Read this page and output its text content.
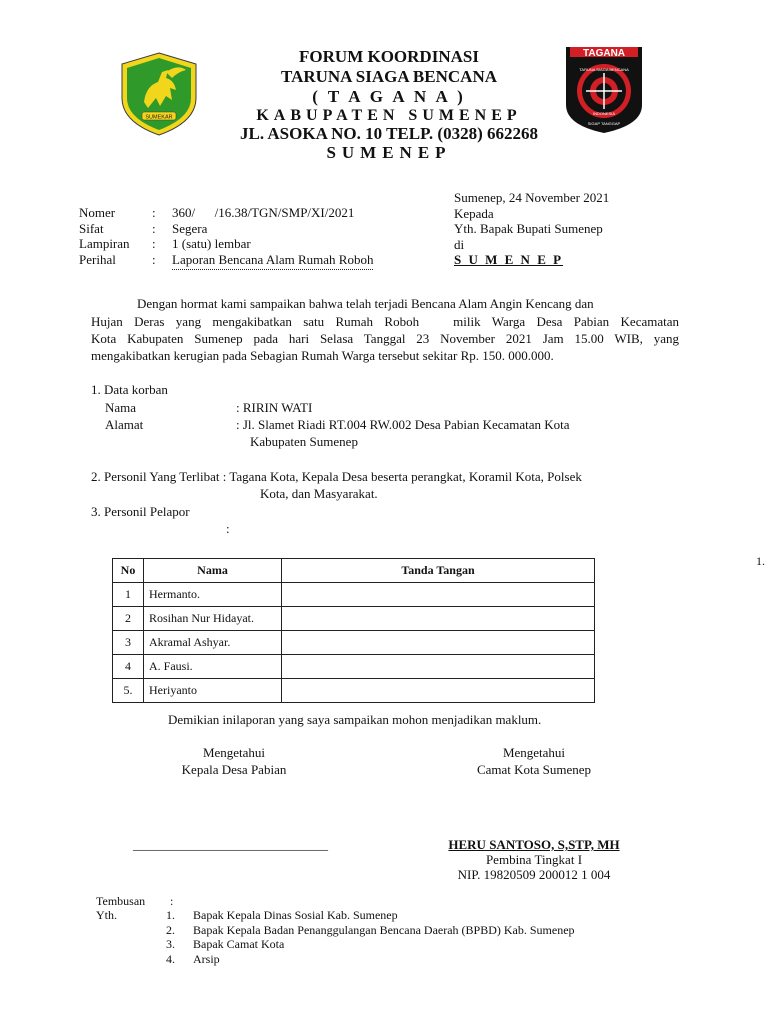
SUMEKAR
TAGANA
TARUNA SIAGA BENCANA
INDONESIA
SIGAP TANGGAP
FORUM KOORDINASI
TARUNA SIAGA BENCANA
( T A G A N A )
KABUPATEN SUMENEP
JL. ASOKA NO. 10 TELP. (0328) 662268
SUMENEP
Sumenep, 24 November 2021
Kepada
Yth. Bapak Bupati Sumenep
di
S U M E N E P
Nomer	: 360/      /16.38/TGN/SMP/XI/2021
Sifat	: Segera
Lampiran : 1 (satu) lembar
Perihal	: Laporan Bencana Alam Rumah Roboh
Dengan hormat kami sampaikan bahwa telah terjadi Bencana Alam Angin Kencang dan
Hujan Deras yang mengakibatkan satu Rumah Roboh   milik Warga Desa Pabian Kecamatan
Kota Kabupaten Sumenep pada hari Selasa Tanggal 23 November 2021 Jam 15.00 WIB, yang
mengakibatkan kerugian pada Sebagian Rumah Warga tersebut sekitar Rp. 150. 000.000.
1. Data korban
Nama	: RIRIN WATI
Alamat	: Jl. Slamet Riadi RT.004 RW.002 Desa Pabian Kecamatan Kota
Kabupaten Sumenep
2. Personil Yang Terlibat : Tagana Kota, Kepala Desa beserta perangkat, Koramil Kota, Polsek
Kota, dan Masyarakat.
3. Personil Pelapor
:
1.
No	Nama	Tanda Tangan
1	Hermanto.	
2	Rosihan Nur Hidayat.	
3	Akramal Ashyar.	
4	A. Fausi.	
5.	Heriyanto	
Demikian inilaporan yang saya sampaikan mohon menjadikan maklum.
Mengetahui
Kepala Desa Pabian
______________________________
Mengetahui
Camat Kota Sumenep
HERU SANTOSO, S,STP, MH
Pembina Tingkat I
NIP. 19820509 200012 1 004
Tembusan :
Yth.	1. Bapak Kepala Dinas Sosial Kab. Sumenep
2. Bapak Kepala Badan Penanggulangan Bencana Daerah (BPBD) Kab. Sumenep
3. Bapak Camat Kota
4. Arsip
